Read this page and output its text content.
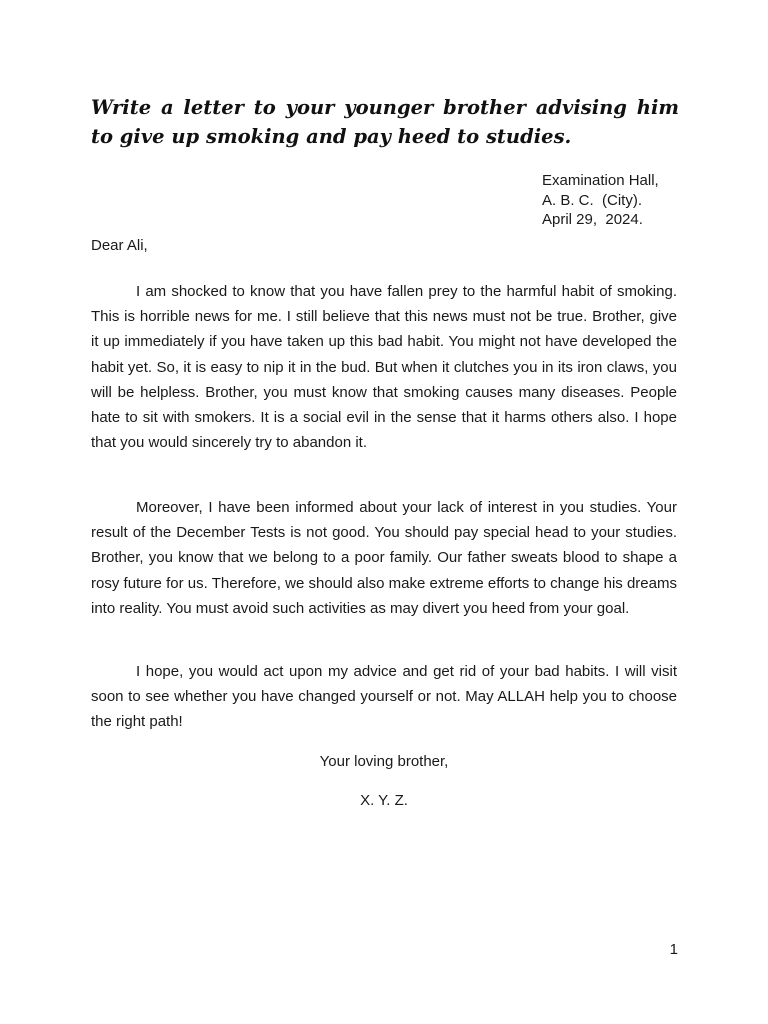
Write a letter to your younger brother advising him to give up smoking and pay heed to studies.
Examination Hall,
A. B. C.  (City).
April 29,  2024.
Dear Ali,

I am shocked to know that you have fallen prey to the harmful habit of smoking. This is horrible news for me. I still believe that this news must not be true. Brother, give it up immediately if you have taken up this bad habit. You might not have developed the habit yet. So, it is easy to nip it in the bud. But when it clutches you in its iron claws, you will be helpless. Brother, you must know that smoking causes many diseases. People hate to sit with smokers. It is a social evil in the sense that it harms others also. I hope that you would sincerely try to abandon it.

Moreover, I have been informed about your lack of interest in you studies. Your result of the December Tests is not good. You should pay special head to your studies. Brother, you know that we belong to a poor family. Our father sweats blood to shape a rosy future for us. Therefore, we should also make extreme efforts to change his dreams into reality. You must avoid such activities as may divert you heed from your goal.

I hope, you would act upon my advice and get rid of your bad habits. I will visit soon to see whether you have changed yourself or not. May ALLAH help you to choose the right path!

Your loving brother,
X. Y. Z.
1
